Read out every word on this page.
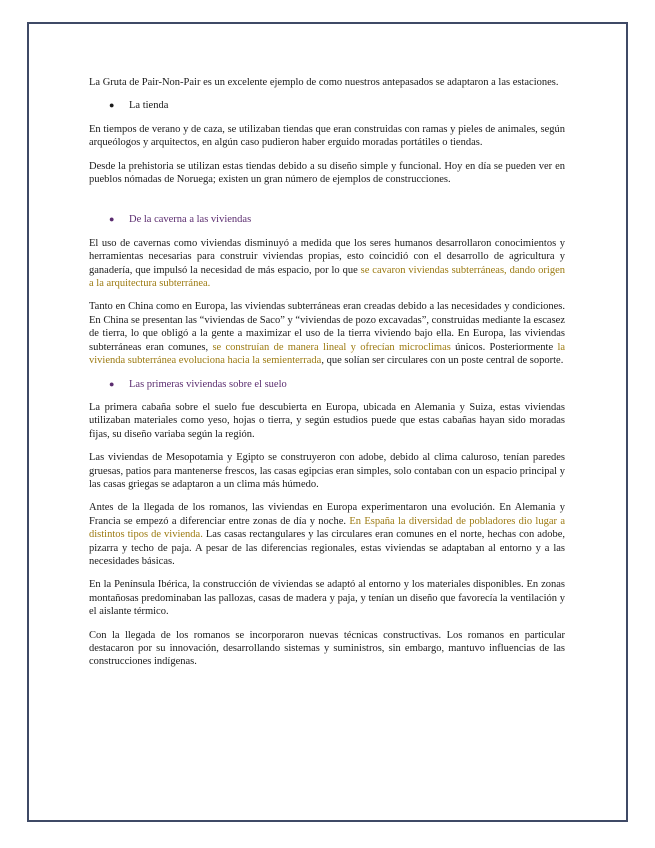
La Gruta de Pair-Non-Pair es un excelente ejemplo de como nuestros antepasados se adaptaron a las estaciones.

●	La tienda

En tiempos de verano y de caza, se utilizaban tiendas que eran construidas con ramas y pieles de animales, según arqueólogos y arquitectos, en algún caso pudieron haber erguido moradas portátiles o tiendas.

Desde la prehistoria se utilizan estas tiendas debido a su diseño simple y funcional. Hoy en día se pueden ver en pueblos nómadas de Noruega; existen un gran número de ejemplos de construcciones.

●	De la caverna a las viviendas

El uso de cavernas como viviendas disminuyó a medida que los seres humanos desarrollaron conocimientos y herramientas necesarias para construir viviendas propias, esto coincidió con el desarrollo de agricultura y ganadería, que impulsó la necesidad de más espacio, por lo que se cavaron viviendas subterráneas, dando origen a la arquitectura subterránea.

Tanto en China como en Europa, las viviendas subterráneas eran creadas debido a las necesidades y condiciones. En China se presentan las “viviendas de Saco” y “viviendas de pozo excavadas”, construidas mediante la escasez de tierra, lo que obligó a la gente a maximizar el uso de la tierra viviendo bajo ella. En Europa, las viviendas subterráneas eran comunes, se construían de manera lineal y ofrecían microclimas únicos. Posteriormente la vivienda subterránea evoluciona hacia la semienterrada, que solían ser circulares con un poste central de soporte.

●	Las primeras viviendas sobre el suelo

La primera cabaña sobre el suelo fue descubierta en Europa, ubicada en Alemania y Suiza, estas viviendas utilizaban materiales como yeso, hojas o tierra, y según estudios puede que estas cabañas hayan sido moradas fijas, su diseño variaba según la región.

Las viviendas de Mesopotamia y Egipto se construyeron con adobe, debido al clima caluroso, tenían paredes gruesas, patios para mantenerse frescos, las casas egipcias eran simples, solo contaban con un espacio principal y las casas griegas se adaptaron a un clima más húmedo.

Antes de la llegada de los romanos, las viviendas en Europa experimentaron una evolución. En Alemania y Francia se empezó a diferenciar entre zonas de día y noche. En España la diversidad de pobladores dio lugar a distintos tipos de vivienda. Las casas rectangulares y las circulares eran comunes en el norte, hechas con adobe, pizarra y techo de paja. A pesar de las diferencias regionales, estas viviendas se adaptaban al entorno y a las necesidades básicas.

En la Península Ibérica, la construcción de viviendas se adaptó al entorno y los materiales disponibles. En zonas montañosas predominaban las pallozas, casas de madera y paja, y tenían un diseño que favorecía la ventilación y el aislante térmico.

Con la llegada de los romanos se incorporaron nuevas técnicas constructivas. Los romanos en particular destacaron por su innovación, desarrollando sistemas y suministros, sin embargo, mantuvo influencias de las construcciones indígenas.
